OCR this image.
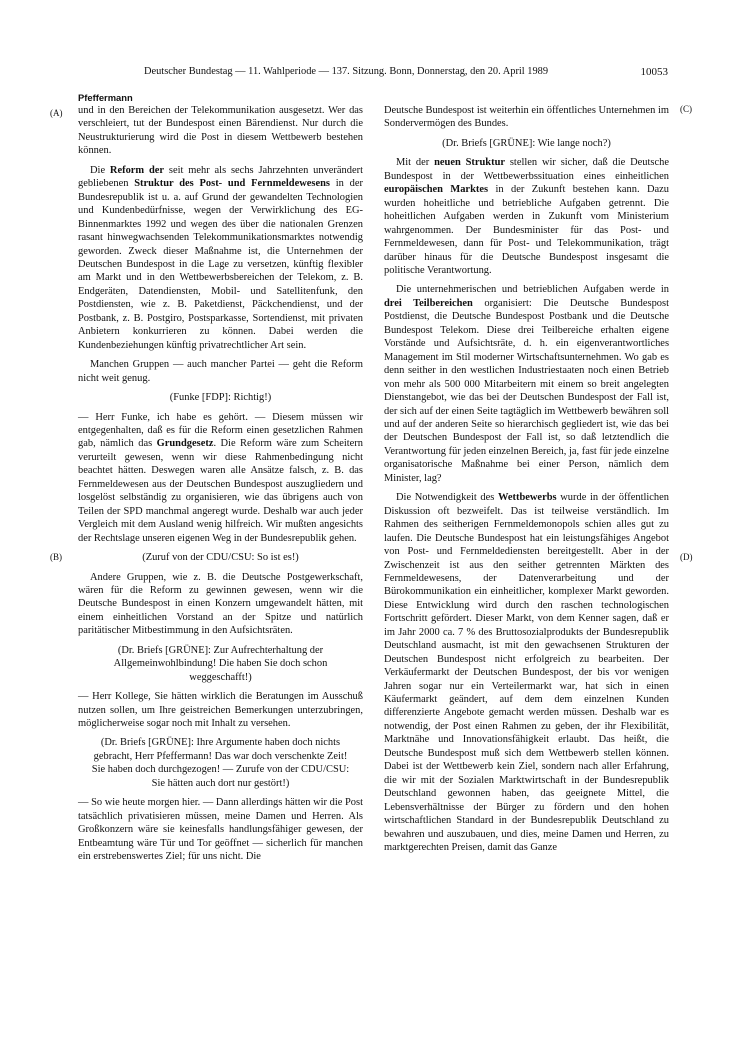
Deutscher Bundestag — 11. Wahlperiode — 137. Sitzung. Bonn, Donnerstag, den 20. April 1989	10053
Pfeffermann
(A)
(B)
(C)
(D)

und in den Bereichen der Telekommunikation ausgesetzt. Wer das verschleiert, tut der Bundespost einen Bärendienst. Nur durch die Neustrukturierung wird die Post in diesem Wettbewerb bestehen können.

Die Reform der seit mehr als sechs Jahrzehnten unverändert gebliebenen Struktur des Post- und Fernmeldewesens in der Bundesrepublik ist u. a. auf Grund der gewandelten Technologien und Kundenbedürfnisse, wegen der Verwirklichung des EG-Binnenmarktes 1992 und wegen des über die nationalen Grenzen rasant hinwegwachsenden Telekommunikationsmarktes notwendig geworden. Zweck dieser Maßnahme ist, die Unternehmen der Deutschen Bundespost in die Lage zu versetzen, künftig flexibler am Markt und in den Wettbewerbsbereichen der Telekom, z. B. Endgeräten, Datendiensten, Mobil- und Satellitenfunk, den Postdiensten, wie z. B. Paketdienst, Päckchendienst, und der Postbank, z. B. Postgiro, Postsparkasse, Sortendienst, mit privaten Anbietern konkurrieren zu können. Dabei werden die Kundenbeziehungen künftig privatrechtlicher Art sein.

Manchen Gruppen — auch mancher Partei — geht die Reform nicht weit genug.

(Funke [FDP]: Richtig!)

— Herr Funke, ich habe es gehört. — Diesem müssen wir entgegenhalten, daß es für die Reform einen gesetzlichen Rahmen gab, nämlich das Grundgesetz. Die Reform wäre zum Scheitern verurteilt gewesen, wenn wir diese Rahmenbedingung nicht beachtet hätten. Deswegen waren alle Ansätze falsch, z. B. das Fernmeldewesen aus der Deutschen Bundespost auszugliedern und losgelöst selbständig zu organisieren, wie das übrigens auch von Teilen der SPD manchmal angeregt wurde. Deshalb war auch jeder Vergleich mit dem Ausland wenig hilfreich. Wir mußten angesichts der Rechtslage unseren eigenen Weg in der Bundesrepublik gehen.

(Zuruf von der CDU/CSU: So ist es!)

Andere Gruppen, wie z. B. die Deutsche Postgewerkschaft, wären für die Reform zu gewinnen gewesen, wenn wir die Deutsche Bundespost in einen Konzern umgewandelt hätten, mit einem einheitlichen Vorstand an der Spitze und natürlich paritätischer Mitbestimmung in den Aufsichtsräten.

(Dr. Briefs [GRÜNE]: Zur Aufrechterhaltung der Allgemeinwohlbindung! Die haben Sie doch schon weggeschafft!)

— Herr Kollege, Sie hätten wirklich die Beratungen im Ausschuß nutzen sollen, um Ihre geistreichen Bemerkungen unterzubringen, möglicherweise sogar noch mit Inhalt zu versehen.

(Dr. Briefs [GRÜNE]: Ihre Argumente haben doch nichts gebracht, Herr Pfeffermann! Das war doch verschenkte Zeit! Sie haben doch durchgezogen! — Zurufe von der CDU/CSU: Sie hätten auch dort nur gestört!)

— So wie heute morgen hier. — Dann allerdings hätten wir die Post tatsächlich privatisieren müssen, meine Damen und Herren. Als Großkonzern wäre sie keinesfalls handlungsfähiger gewesen, der Entbeamtung wäre Tür und Tor geöffnet — sicherlich für manchen ein erstrebenswertes Ziel; für uns nicht. Die

Deutsche Bundespost ist weiterhin ein öffentliches Unternehmen im Sondervermögen des Bundes.

(Dr. Briefs [GRÜNE]: Wie lange noch?)

Mit der neuen Struktur stellen wir sicher, daß die Deutsche Bundespost in der Wettbewerbssituation eines einheitlichen europäischen Marktes in der Zukunft bestehen kann. Dazu wurden hoheitliche und betriebliche Aufgaben getrennt. Die hoheitlichen Aufgaben werden in Zukunft vom Ministerium wahrgenommen. Der Bundesminister für das Post- und Fernmeldewesen, dann für Post- und Telekommunikation, trägt darüber hinaus für die Deutsche Bundespost insgesamt die politische Verantwortung.

Die unternehmerischen und betrieblichen Aufgaben werde in drei Teilbereichen organisiert: Die Deutsche Bundespost Postdienst, die Deutsche Bundespost Postbank und die Deutsche Bundespost Telekom. Diese drei Teilbereiche erhalten eigene Vorstände und Aufsichtsräte, d. h. ein eigenverantwortliches Management im Stil moderner Wirtschaftsunternehmen. Wo gab es denn seither in den westlichen Industriestaaten noch einen Betrieb von mehr als 500 000 Mitarbeitern mit einem so breit angelegten Dienstangebot, wie das bei der Deutschen Bundespost der Fall ist, der sich auf der einen Seite tagtäglich im Wettbewerb bewähren soll und auf der anderen Seite so hierarchisch gegliedert ist, wie das bei der Deutschen Bundespost der Fall ist, so daß letztendlich die Verantwortung für jeden einzelnen Bereich, ja, fast für jede einzelne organisatorische Maßnahme bei einer Person, nämlich dem Minister, lag?

Die Notwendigkeit des Wettbewerbs wurde in der öffentlichen Diskussion oft bezweifelt. Das ist teilweise verständlich. Im Rahmen des seitherigen Fernmeldemonopols schien alles gut zu laufen. Die Deutsche Bundespost hat ein leistungsfähiges Angebot von Post- und Fernmeldediensten bereitgestellt. Aber in der Zwischenzeit ist aus den seither getrennten Märkten des Fernmeldewesens, der Datenverarbeitung und der Bürokommunikation ein einheitlicher, komplexer Markt geworden. Diese Entwicklung wird durch den raschen technologischen Fortschritt gefördert. Dieser Markt, von dem Kenner sagen, daß er im Jahr 2000 ca. 7 % des Bruttosozialprodukts der Bundesrepublik Deutschland ausmacht, ist mit den gewachsenen Strukturen der Deutschen Bundespost nicht erfolgreich zu bearbeiten. Der Verkäufermarkt der Deutschen Bundespost, der bis vor wenigen Jahren sogar nur ein Verteilermarkt war, hat sich in einen Käufermarkt geändert, auf dem dem einzelnen Kunden differenzierte Angebote gemacht werden müssen. Deshalb war es notwendig, der Post einen Rahmen zu geben, der ihr Flexibilität, Marktnähe und Innovationsfähigkeit erlaubt. Das heißt, die Deutsche Bundespost muß sich dem Wettbewerb stellen können. Dabei ist der Wettbewerb kein Ziel, sondern nach aller Erfahrung, die wir mit der Sozialen Marktwirtschaft in der Bundesrepublik Deutschland gewonnen haben, das geeignete Mittel, die Lebensverhältnisse der Bürger zu fördern und den hohen wirtschaftlichen Standard in der Bundesrepublik Deutschland zu bewahren und auszubauen, und dies, meine Damen und Herren, zu marktgerechten Preisen, damit das Ganze
